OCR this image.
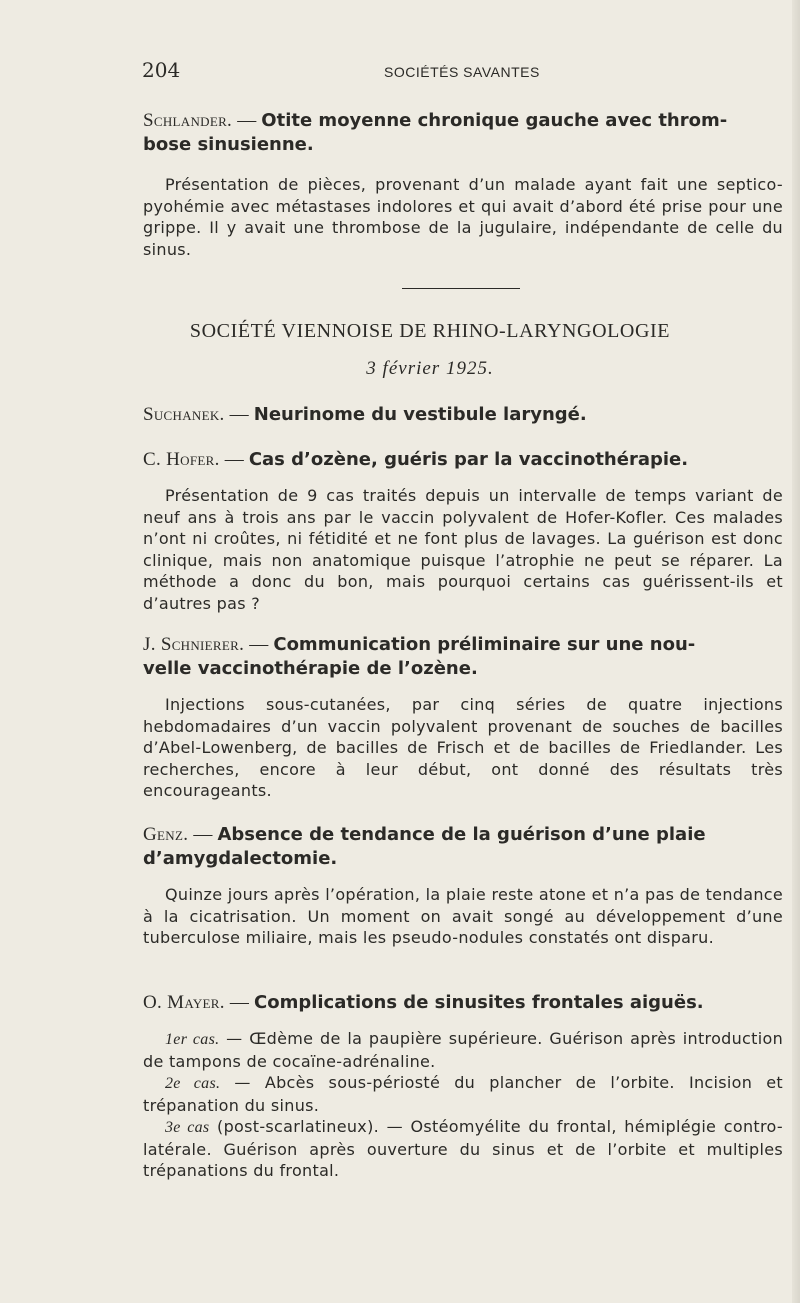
204	SOCIÉTÉS SAVANTES
Schlander. — Otite moyenne chronique gauche avec throm-
bose sinusienne.
Présentation de pièces, provenant d’un malade ayant fait une septico-pyohémie avec métastases indolores et qui avait d’abord été prise pour une grippe. Il y avait une thrombose de la jugulaire, indépendante de celle du sinus.
SOCIÉTÉ VIENNOISE DE RHINO-LARYNGOLOGIE
3 février 1925.
Suchanek. — Neurinome du vestibule laryngé.
C. Hofer. — Cas d’ozène, guéris par la vaccinothérapie.
Présentation de 9 cas traités depuis un intervalle de temps variant de neuf ans à trois ans par le vaccin polyvalent de Hofer-Kofler. Ces malades n’ont ni croûtes, ni fétidité et ne font plus de lavages. La guérison est donc clinique, mais non anatomique puisque l’atrophie ne peut se réparer. La méthode a donc du bon, mais pourquoi certains cas guérissent-ils et d’autres pas ?
J. Schnierer. — Communication préliminaire sur une nou-
velle vaccinothérapie de l’ozène.
Injections sous-cutanées, par cinq séries de quatre injections hebdomadaires d’un vaccin polyvalent provenant de souches de bacilles d’Abel-Lowenberg, de bacilles de Frisch et de bacilles de Friedlander. Les recherches, encore à leur début, ont donné des résultats très encourageants.
Genz. — Absence de tendance de la guérison d’une plaie
d’amygdalectomie.
Quinze jours après l’opération, la plaie reste atone et n’a pas de tendance à la cicatrisation. Un moment on avait songé au développement d’une tuberculose miliaire, mais les pseudo-nodules constatés ont disparu.
O. Mayer. — Complications de sinusites frontales aiguës.
1er cas. — Œdème de la paupière supérieure. Guérison après introduction de tampons de cocaïne-adrénaline.
2e cas. — Abcès sous-périosté du plancher de l’orbite. Incision et trépanation du sinus.
3e cas (post-scarlatineux). — Ostéomyélite du frontal, hémiplégie contro-latérale. Guérison après ouverture du sinus et de l’orbite et multiples trépanations du frontal.
